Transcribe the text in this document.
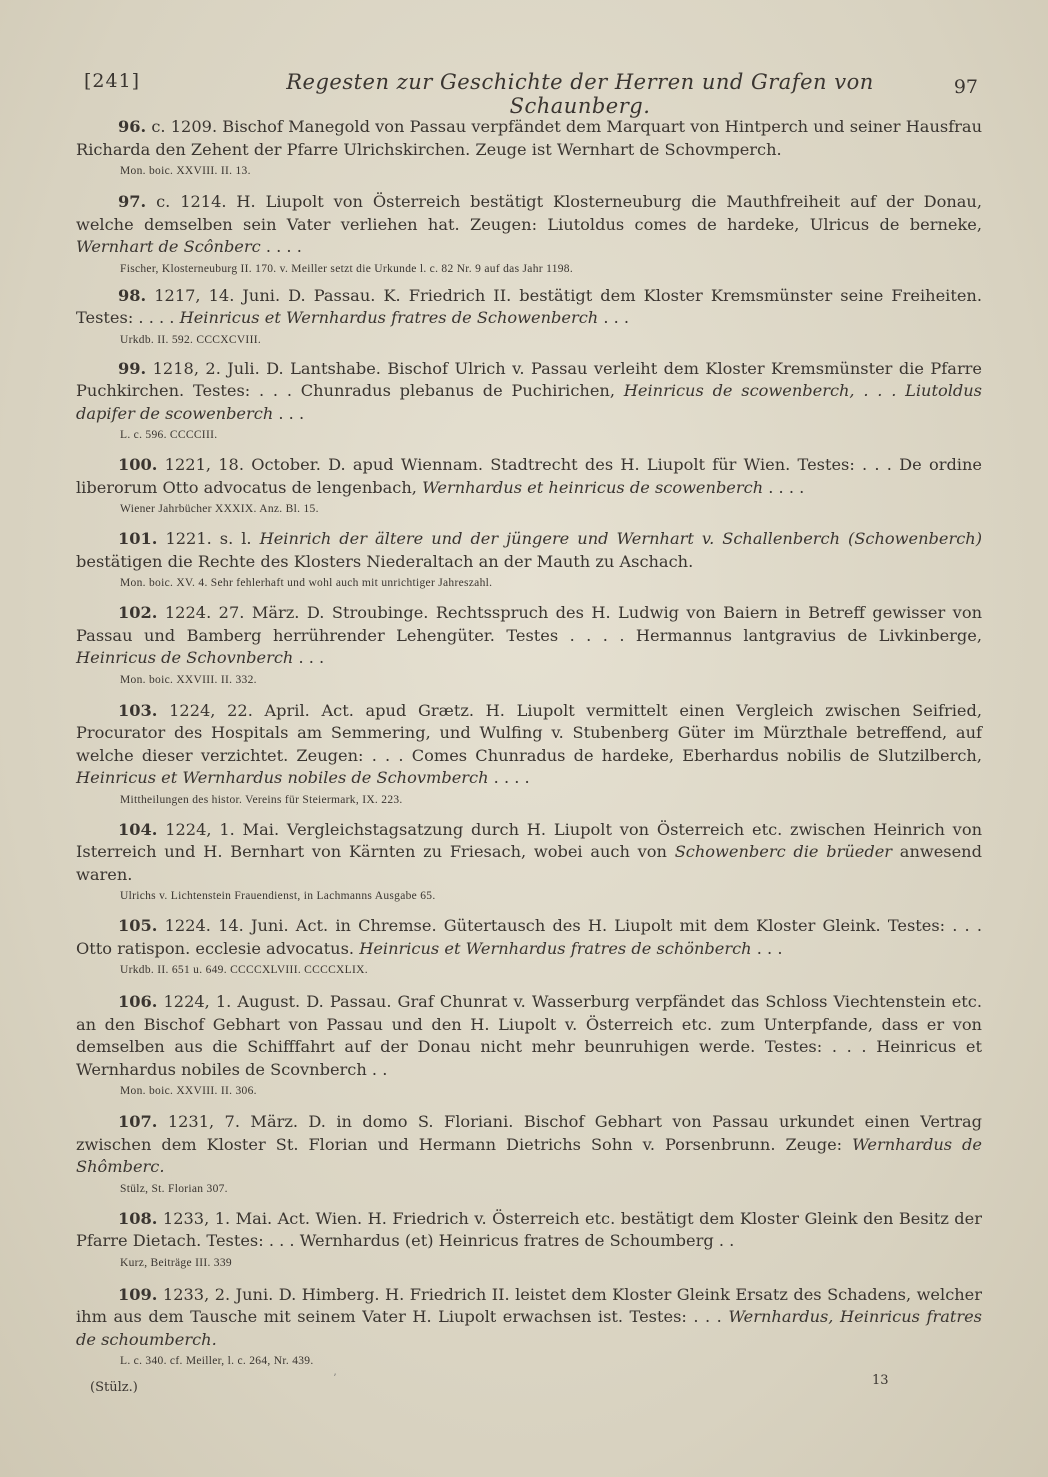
[241]	Regesten zur Geschichte der Herren und Grafen von Schaunberg.
97

96. c. 1209. Bischof Manegold von Passau verpfändet dem Marquart von Hintperch und seiner Hausfrau Richarda den Zehent der Pfarre Ulrichskirchen. Zeuge ist Wernhart de Schovmperch.

Mon. boic. XXVIII. II. 13.

97. c. 1214. H. Liupolt von Österreich bestätigt Klosterneuburg die Mauthfreiheit auf der Donau, welche demselben sein Vater verliehen hat. Zeugen: Liutoldus comes de hardeke, Ulricus de berneke, Wernhart de Scônberc . . . .

Fischer, Klosterneuburg II. 170. v. Meiller setzt die Urkunde l. c. 82 Nr. 9 auf das Jahr 1198.

98. 1217, 14. Juni. D. Passau. K. Friedrich II. bestätigt dem Kloster Kremsmünster seine Freiheiten. Testes: . . . . Heinricus et Wernhardus fratres de Schowenberch . . .

Urkdb. II. 592. CCCXCVIII.

99. 1218, 2. Juli. D. Lantshabe. Bischof Ulrich v. Passau verleiht dem Kloster Kremsmünster die Pfarre Puchkirchen. Testes: . . . Chunradus plebanus de Puchirichen, Heinricus de scowenberch, . . . Liutoldus dapifer de scowenberch . . .

L. c. 596. CCCCIII.

100. 1221, 18. October. D. apud Wiennam. Stadtrecht des H. Liupolt für Wien. Testes: . . . De ordine liberorum Otto advocatus de lengenbach, Wernhardus et heinricus de scowenberch . . . .

Wiener Jahrbücher XXXIX. Anz. Bl. 15.

101. 1221. s. l. Heinrich der ältere und der jüngere und Wernhart v. Schallenberch (Schowenberch) bestätigen die Rechte des Klosters Niederaltach an der Mauth zu Aschach.

Mon. boic. XV. 4. Sehr fehlerhaft und wohl auch mit unrichtiger Jahreszahl.

102. 1224. 27. März. D. Stroubinge. Rechtsspruch des H. Ludwig von Baiern in Betreff gewisser von Passau und Bamberg herrührender Lehengüter. Testes . . . . Hermannus lantgravius de Livkinberge, Heinricus de Schovnberch . . .

Mon. boic. XXVIII. II. 332.

103. 1224, 22. April. Act. apud Grætz. H. Liupolt vermittelt einen Vergleich zwischen Seifried, Procurator des Hospitals am Semmering, und Wulfing v. Stubenberg Güter im Mürzthale betreffend, auf welche dieser verzichtet. Zeugen: . . . Comes Chunradus de hardeke, Eberhardus nobilis de Slutzilberch, Heinricus et Wernhardus nobiles de Schovmberch . . . .

Mittheilungen des histor. Vereins für Steiermark, IX. 223.

104. 1224, 1. Mai. Vergleichstagsatzung durch H. Liupolt von Österreich etc. zwischen Heinrich von Isterreich und H. Bernhart von Kärnten zu Friesach, wobei auch von Schowenberc die brüeder anwesend waren.

Ulrichs v. Lichtenstein Frauendienst, in Lachmanns Ausgabe 65.

105. 1224. 14. Juni. Act. in Chremse. Gütertausch des H. Liupolt mit dem Kloster Gleink. Testes: . . . Otto ratispon. ecclesie advocatus. Heinricus et Wernhardus fratres de schönberch . . .

Urkdb. II. 651 u. 649. CCCCXLVIII. CCCCXLIX.

106. 1224, 1. August. D. Passau. Graf Chunrat v. Wasserburg verpfändet das Schloss Viechtenstein etc. an den Bischof Gebhart von Passau und den H. Liupolt v. Österreich etc. zum Unterpfande, dass er von demselben aus die Schifffahrt auf der Donau nicht mehr beunruhigen werde. Testes: . . . Heinricus et Wernhardus nobiles de Scovnberch . .

Mon. boic. XXVIII. II. 306.

107. 1231, 7. März. D. in domo S. Floriani. Bischof Gebhart von Passau urkundet einen Vertrag zwischen dem Kloster St. Florian und Hermann Dietrichs Sohn v. Porsenbrunn. Zeuge: Wernhardus de Shômberc.

Stülz, St. Florian 307.

108. 1233, 1. Mai. Act. Wien. H. Friedrich v. Österreich etc. bestätigt dem Kloster Gleink den Besitz der Pfarre Dietach. Testes: . . . Wernhardus (et) Heinricus fratres de Schoumberg . .

Kurz, Beiträge III. 339

109. 1233, 2. Juni. D. Himberg. H. Friedrich II. leistet dem Kloster Gleink Ersatz des Schadens, welcher ihm aus dem Tausche mit seinem Vater H. Liupolt erwachsen ist. Testes: . . . Wernhardus, Heinricus fratres de schoumberch.

L. c. 340. cf. Meiller, l. c. 264, Nr. 439.

ʼ
(Stülz.)	13
